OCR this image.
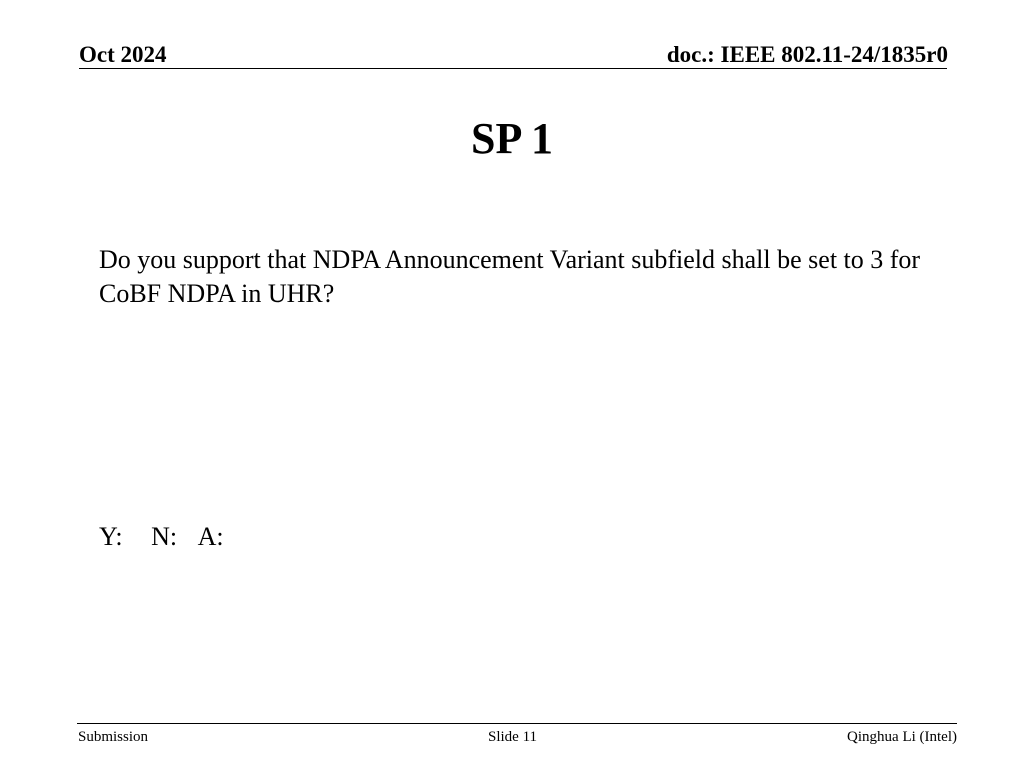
Oct 2024	doc.: IEEE 802.11-24/1835r0
SP 1
Do you support that NDPA Announcement Variant subfield shall be set to 3 for CoBF NDPA in UHR?
Y: N: A:
Submission	Slide 11	Qinghua Li (Intel)
